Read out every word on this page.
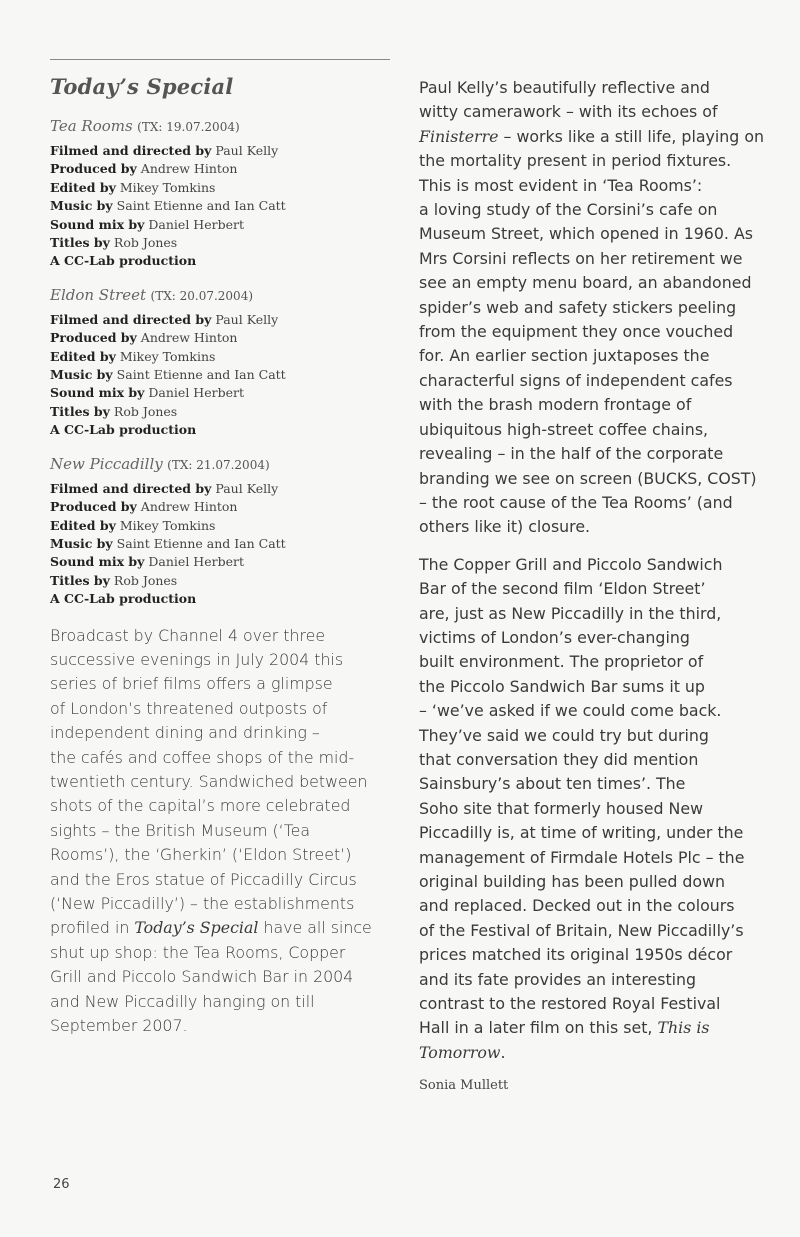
Today’s Special
Tea Rooms (TX: 19.07.2004)
Filmed and directed by Paul Kelly
Produced by Andrew Hinton
Edited by Mikey Tomkins
Music by Saint Etienne and Ian Catt
Sound mix by Daniel Herbert
Titles by Rob Jones
A CC-Lab production
Eldon Street (TX: 20.07.2004)
Filmed and directed by Paul Kelly
Produced by Andrew Hinton
Edited by Mikey Tomkins
Music by Saint Etienne and Ian Catt
Sound mix by Daniel Herbert
Titles by Rob Jones
A CC-Lab production
New Piccadilly (TX: 21.07.2004)
Filmed and directed by Paul Kelly
Produced by Andrew Hinton
Edited by Mikey Tomkins
Music by Saint Etienne and Ian Catt
Sound mix by Daniel Herbert
Titles by Rob Jones
A CC-Lab production
Broadcast by Channel 4 over three
successive evenings in July 2004 this
series of brief films offers a glimpse
of London’s threatened outposts of
independent dining and drinking –
the cafés and coffee shops of the mid-
twentieth century. Sandwiched between
shots of the capital’s more celebrated
sights – the British Museum (‘Tea
Rooms’), the ‘Gherkin’ (‘Eldon Street’)
and the Eros statue of Piccadilly Circus
(‘New Piccadilly’) – the establishments
profiled in Today’s Special have all since
shut up shop: the Tea Rooms, Copper
Grill and Piccolo Sandwich Bar in 2004
and New Piccadilly hanging on till
September 2007.
Paul Kelly’s beautifully reflective and
witty camerawork – with its echoes of
Finisterre – works like a still life, playing on
the mortality present in period fixtures.
This is most evident in ‘Tea Rooms’:
a loving study of the Corsini’s cafe on
Museum Street, which opened in 1960. As
Mrs Corsini reflects on her retirement we
see an empty menu board, an abandoned
spider’s web and safety stickers peeling
from the equipment they once vouched
for. An earlier section juxtaposes the
characterful signs of independent cafes
with the brash modern frontage of
ubiquitous high-street coffee chains,
revealing – in the half of the corporate
branding we see on screen (BUCKS, COST)
– the root cause of the Tea Rooms’ (and
others like it) closure.
The Copper Grill and Piccolo Sandwich
Bar of the second film ‘Eldon Street’
are, just as New Piccadilly in the third,
victims of London’s ever-changing
built environment. The proprietor of
the Piccolo Sandwich Bar sums it up
– ‘we’ve asked if we could come back.
They’ve said we could try but during
that conversation they did mention
Sainsbury’s about ten times’. The
Soho site that formerly housed New
Piccadilly is, at time of writing, under the
management of Firmdale Hotels Plc – the
original building has been pulled down
and replaced. Decked out in the colours
of the Festival of Britain, New Piccadilly’s
prices matched its original 1950s décor
and its fate provides an interesting
contrast to the restored Royal Festival
Hall in a later film on this set, This is
Tomorrow.
Sonia Mullett
26
